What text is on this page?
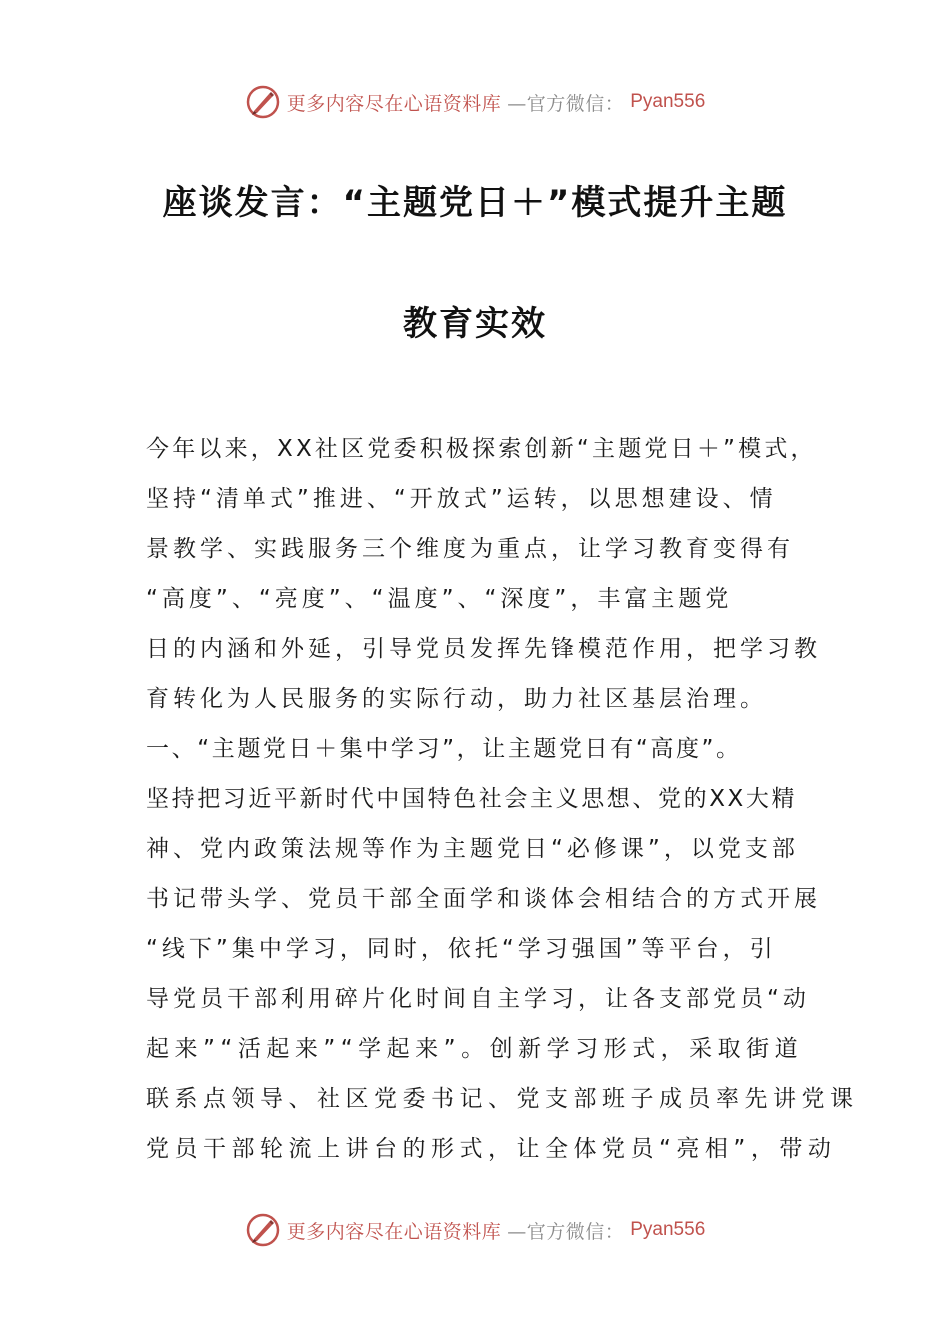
更多内容尽在心语资料库 —官方微信： Pyan556
座谈发言：“主题党日＋”模式提升主题
教育实效
今年以来，XX社区党委积极探索创新“主题党日＋”模式，
坚持“清单式”推进、“开放式”运转，以思想建设、情
景教学、实践服务三个维度为重点，让学习教育变得有
“高度”、“亮度”、“温度”、“深度”，丰富主题党
日的内涵和外延，引导党员发挥先锋模范作用，把学习教
育转化为人民服务的实际行动，助力社区基层治理。
一、“主题党日＋集中学习”，让主题党日有“高度”。
坚持把习近平新时代中国特色社会主义思想、党的XX大精
神、党内政策法规等作为主题党日“必修课”，以党支部
书记带头学、党员干部全面学和谈体会相结合的方式开展
“线下”集中学习，同时，依托“学习强国”等平台，引
导党员干部利用碎片化时间自主学习，让各支部党员“动
起来”“活起来”“学起来”。创新学习形式，采取街道
联系点领导、社区党委书记、党支部班子成员率先讲党课
党员干部轮流上讲台的形式，让全体党员“亮相”，带动
更多内容尽在心语资料库 —官方微信： Pyan556
